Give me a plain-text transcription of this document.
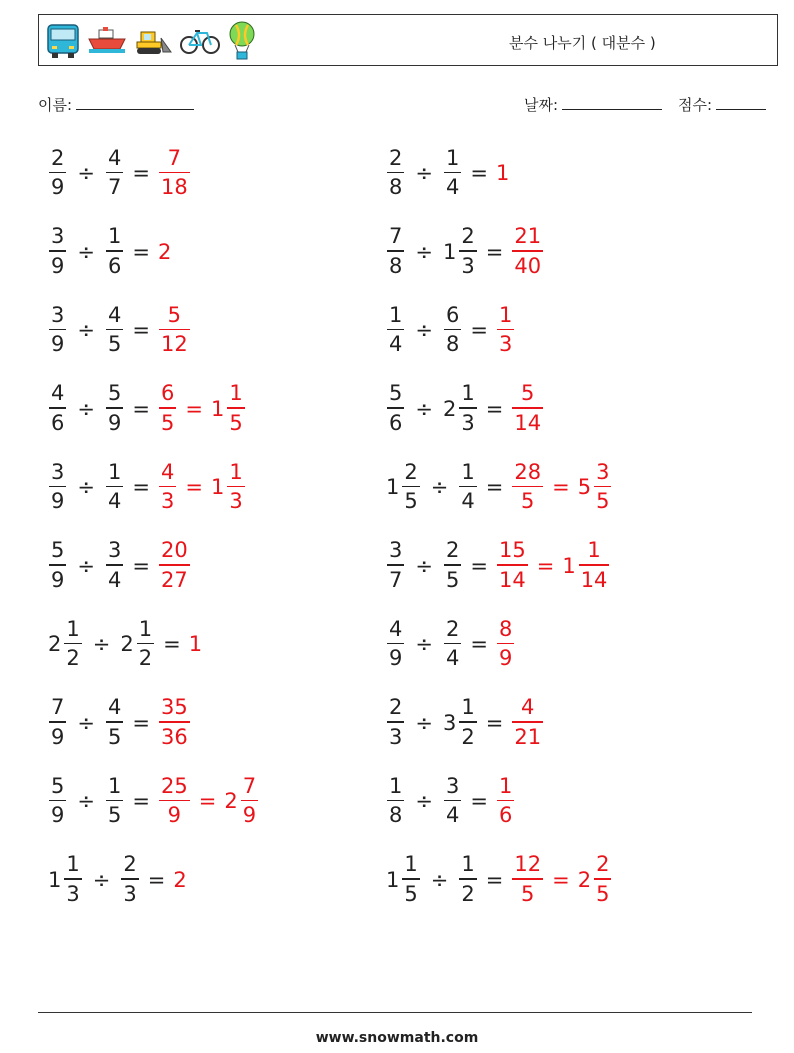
분수 나누기 ( 대분수 )
이름:	날짜:	점수:
$\frac{2}{9} \div \frac{4}{7} = \frac{7}{18}$	$\frac{2}{8} \div \frac{1}{4} = 1$
$\frac{3}{9} \div \frac{1}{6} = 2$	$\frac{7}{8} \div 1 \frac{2}{3} = \frac{21}{40}$
$\frac{3}{9} \div \frac{4}{5} = \frac{5}{12}$	$\frac{1}{4} \div \frac{6}{8} = \frac{1}{3}$
$\frac{4}{6} \div \frac{5}{9} = \frac{6}{5} = 1 \frac{1}{5}$	$\frac{5}{6} \div 2 \frac{1}{3} = \frac{5}{14}$
$\frac{3}{9} \div \frac{1}{4} = \frac{4}{3} = 1 \frac{1}{3}$	$1 \frac{2}{5} \div \frac{1}{4} = \frac{28}{5} = 5 \frac{3}{5}$
$\frac{5}{9} \div \frac{3}{4} = \frac{20}{27}$	$\frac{3}{7} \div \frac{2}{5} = \frac{15}{14} = 1 \frac{1}{14}$
$2 \frac{1}{2} \div 2 \frac{1}{2} = 1$	$\frac{4}{9} \div \frac{2}{4} = \frac{8}{9}$
$\frac{7}{9} \div \frac{4}{5} = \frac{35}{36}$	$\frac{2}{3} \div 3 \frac{1}{2} = \frac{4}{21}$
$\frac{5}{9} \div \frac{1}{5} = \frac{25}{9} = 2 \frac{7}{9}$	$\frac{1}{8} \div \frac{3}{4} = \frac{1}{6}$
$1 \frac{1}{3} \div \frac{2}{3} = 2$	$1 \frac{1}{5} \div \frac{1}{2} = \frac{12}{5} = 2 \frac{2}{5}$
www.snowmath.com
